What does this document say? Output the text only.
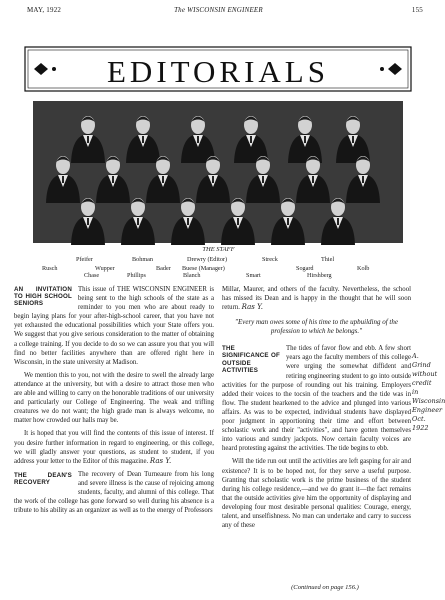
MAY, 1922	The WISCONSIN ENGINEER	155
EDITORIALS
THE STAFF
Rusch
Pfeifer
Wupper
Chase
Bohman
Phillips
Bader
Drewry (Editor)
Buese (Manager)
Blanch	Smart
Streck
Sogard
Thiel
Hirshberg
Kolb
AN INVITATION TO HIGH SCHOOL SENIORS

This issue of THE WISCONSIN ENGINEER is being sent to the high schools of the state as a reminder to you men who are about ready to begin laying plans for your after-high-school career, that you have not yet exhausted the educational possibilities which your State offers you. We suggest that you give serious consideration to the matter of obtaining a college training. If you decide to do so we can assure you that you will find no better facilities anywhere than are offered right here in Wisconsin, in the state university at Madison.

We mention this to you, not with the desire to swell the already large attendance at the university, but with a desire to attract those men who are able and willing to carry on the honorable traditions of our university and particularly our College of Engineering. The weak and trifling creatures we do not want; the high grade man is always welcome, no matter how crowded our halls may be.

It is hoped that you will find the contents of this issue of interest. If you desire further information in regard to engineering, or this college, we will gladly answer your questions, as student to student, if you address your letter to the Editor of this magazine. Ras Y.

THE DEAN'S RECOVERY

The recovery of Dean Turneaure from his long and severe illness is the cause of rejoicing among students, faculty, and alumni of this college. That the work of the college has gone forward so well during his absence is a tribute to his ability as an organizer as well as to the energy of Professors

Millar, Maurer, and others of the faculty. Nevertheless, the school has missed its Dean and is happy in the thought that he will soon return. Ras Y.

"Every man owes some of his time to the upbuilding of the profession to which he belongs."
THE SIGNIFICANCE OF OUTSIDE ACTIVITIES

The tides of favor flow and ebb. A few short years ago the faculty members of this college were urging the somewhat diffident and retiring engineering student to go into outside activities for the purpose of rounding out his training. Employers added their voices to the tocsin of the teachers and the tide was in flow. The student hearkened to the advice and plunged into various affairs. As was to be expected, individual students have displayed poor judgment in apportioning their time and effort between scholastic work and their "activities", and have gotten themselves into various and sundry jackpots. Now certain faculty voices are heard protesting against the activities. The tide begins to ebb.

Will the tide run out until the activities are left gasping for air and existence? It is to be hoped not, for they serve a useful purpose. Granting that scholastic work is the prime business of the student during his college residence,—and we do grant it—the fact remains that the outside activities give him the opportunity of displaying and developing four most desirable personal qualities: Courage, energy, talent, and unselfishness. No man can undertake and carry to success any of these

(Continued on page 156.)
A. Grind without credit in Wisconsin Engineer Oct. 1922
